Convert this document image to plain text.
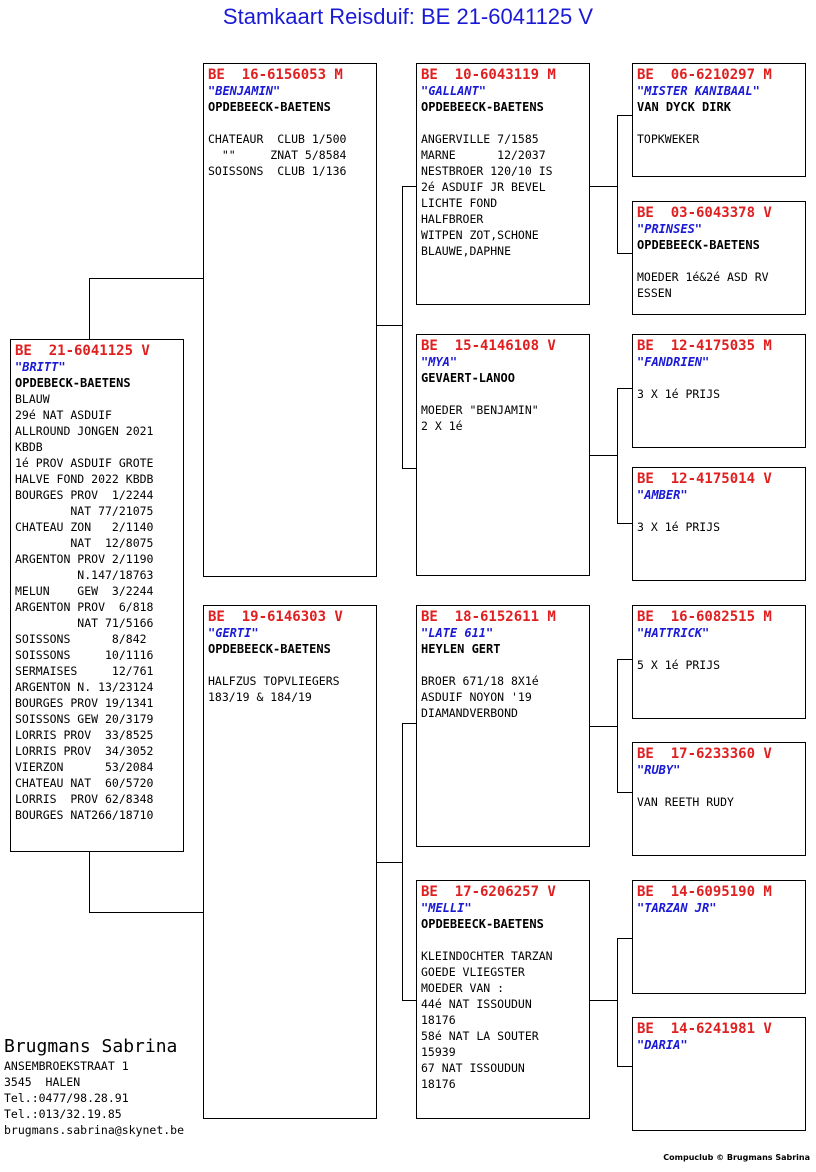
Stamkaart Reisduif: BE 21-6041125 V
BE  21-6041125 V
"BRITT"
OPDEBECK-BAETENS
BLAUW
29é NAT ASDUIF
ALLROUND JONGEN 2021
KBDB
1é PROV ASDUIF GROTE
HALVE FOND 2022 KBDB
BOURGES PROV  1/2244
NAT 77/21075
CHATEAU ZON   2/1140
NAT  12/8075
ARGENTON PROV 2/1190
N.147/18763
MELUN    GEW  3/2244
ARGENTON PROV  6/818
NAT 71/5166
SOISSONS      8/842
SOISSONS     10/1116
SERMAISES     12/761
ARGENTON N. 13/23124
BOURGES PROV 19/1341
SOISSONS GEW 20/3179
LORRIS PROV  33/8525
LORRIS PROV  34/3052
VIERZON      53/2084
CHATEAU NAT  60/5720
LORRIS  PROV 62/8348
BOURGES NAT266/18710
BE  16-6156053 M
"BENJAMIN"
OPDEBEECK-BAETENS
CHATEAUR  CLUB 1/500
""     ZNAT 5/8584
SOISSONS  CLUB 1/136
BE  19-6146303 V
"GERTI"
OPDEBEECK-BAETENS
HALFZUS TOPVLIEGERS
183/19 & 184/19
BE  10-6043119 M
"GALLANT"
OPDEBEECK-BAETENS
ANGERVILLE 7/1585
MARNE      12/2037
NESTBROER 120/10 IS
2é ASDUIF JR BEVEL
LICHTE FOND
HALFBROER
WITPEN ZOT,SCHONE
BLAUWE,DAPHNE
BE  15-4146108 V
"MYA"
GEVAERT-LANOO
MOEDER "BENJAMIN"
2 X 1é
BE  18-6152611 M
"LATE 611"
HEYLEN GERT
BROER 671/18 8X1é
ASDUIF NOYON '19
DIAMANDVERBOND
BE  17-6206257 V
"MELLI"
OPDEBEECK-BAETENS
KLEINDOCHTER TARZAN
GOEDE VLIEGSTER
MOEDER VAN :
44é NAT ISSOUDUN
18176
58é NAT LA SOUTER
15939
67 NAT ISSOUDUN
18176
BE  06-6210297 M
"MISTER KANIBAAL"
VAN DYCK DIRK
TOPKWEKER
BE  03-6043378 V
"PRINSES"
OPDEBEECK-BAETENS
MOEDER 1é&2é ASD RV
ESSEN
BE  12-4175035 M
"FANDRIEN"
3 X 1é PRIJS
BE  12-4175014 V
"AMBER"
3 X 1é PRIJS
BE  16-6082515 M
"HATTRICK"
5 X 1é PRIJS
BE  17-6233360 V
"RUBY"
VAN REETH RUDY
BE  14-6095190 M
"TARZAN JR"
BE  14-6241981 V
"DARIA"
Brugmans Sabrina
ANSEMBROEKSTRAAT 1
3545  HALEN
Tel.:0477/98.28.91
Tel.:013/32.19.85
brugmans.sabrina@skynet.be
Compuclub © Brugmans Sabrina
